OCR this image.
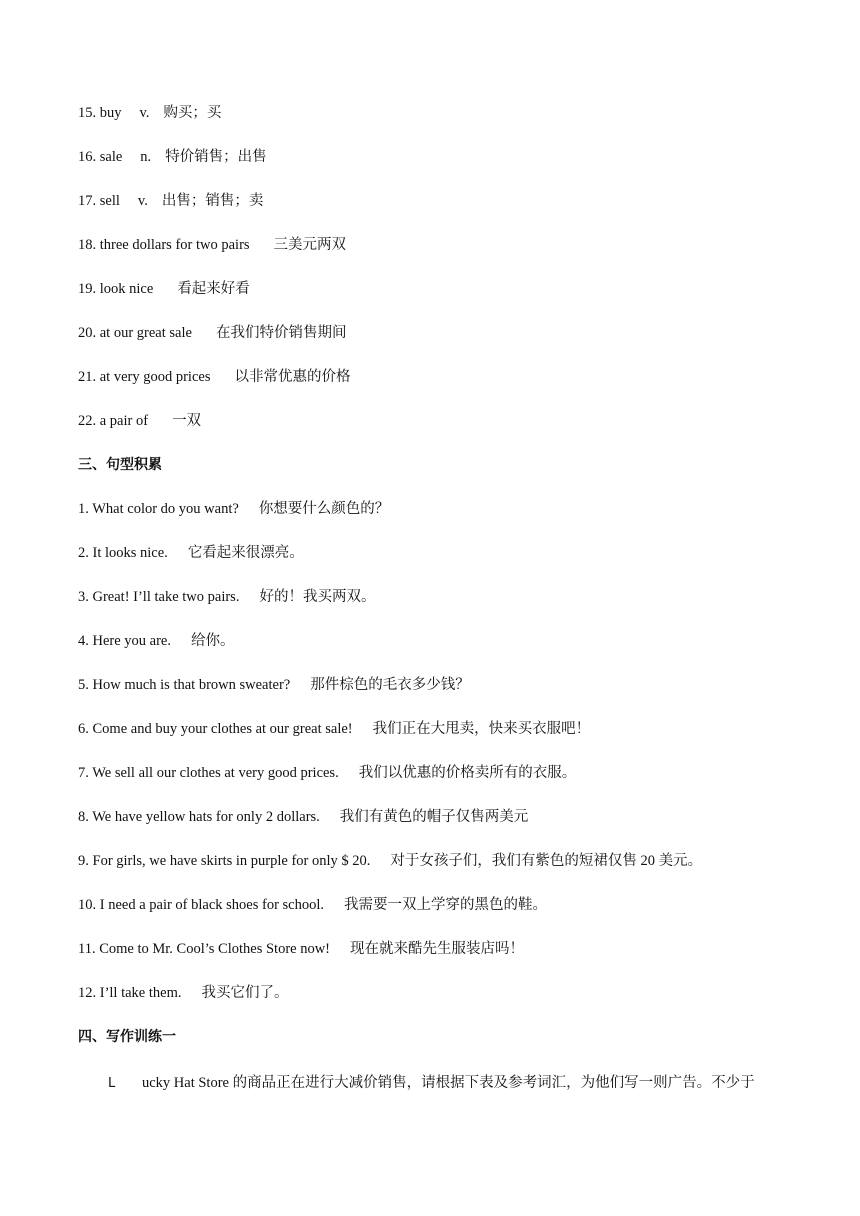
15. buy v. 购买；买
16. sale n. 特价销售；出售
17. sell v. 出售；销售；卖
18. three dollars for two pairs 三美元两双
19. look nice 看起来好看
20. at our great sale 在我们特价销售期间
21. at very good prices 以非常优惠的价格
22. a pair of 一双
三、句型积累
1. What color do you want? 你想要什么颜色的？
2. It looks nice. 它看起来很漂亮。
3. Great! I’ll take two pairs. 好的！我买两双。
4. Here you are. 给你。
5. How much is that brown sweater? 那件棕色的毛衣多少钱？
6. Come and buy your clothes at our great sale! 我们正在大甩卖，快来买衣服吧！
7. We sell all our clothes at very good prices. 我们以优惠的价格卖所有的衣服。
8. We have yellow hats for only 2 dollars. 我们有黄色的帽子仅售两美元
9. For girls, we have skirts in purple for only $ 20. 对于女孩子们，我们有紫色的短裙仅售 20 美元。
10. I need a pair of black shoes for school. 我需要一双上学穿的黑色的鞋。
11. Come to Mr. Cool’s Clothes Store now! 现在就来酷先生服装店吗！
12. I’ll take them. 我买它们了。
四、写作训练一
L ucky Hat Store 的商品正在进行大减价销售，请根据下表及参考词汇，为他们写一则广告。不少于
